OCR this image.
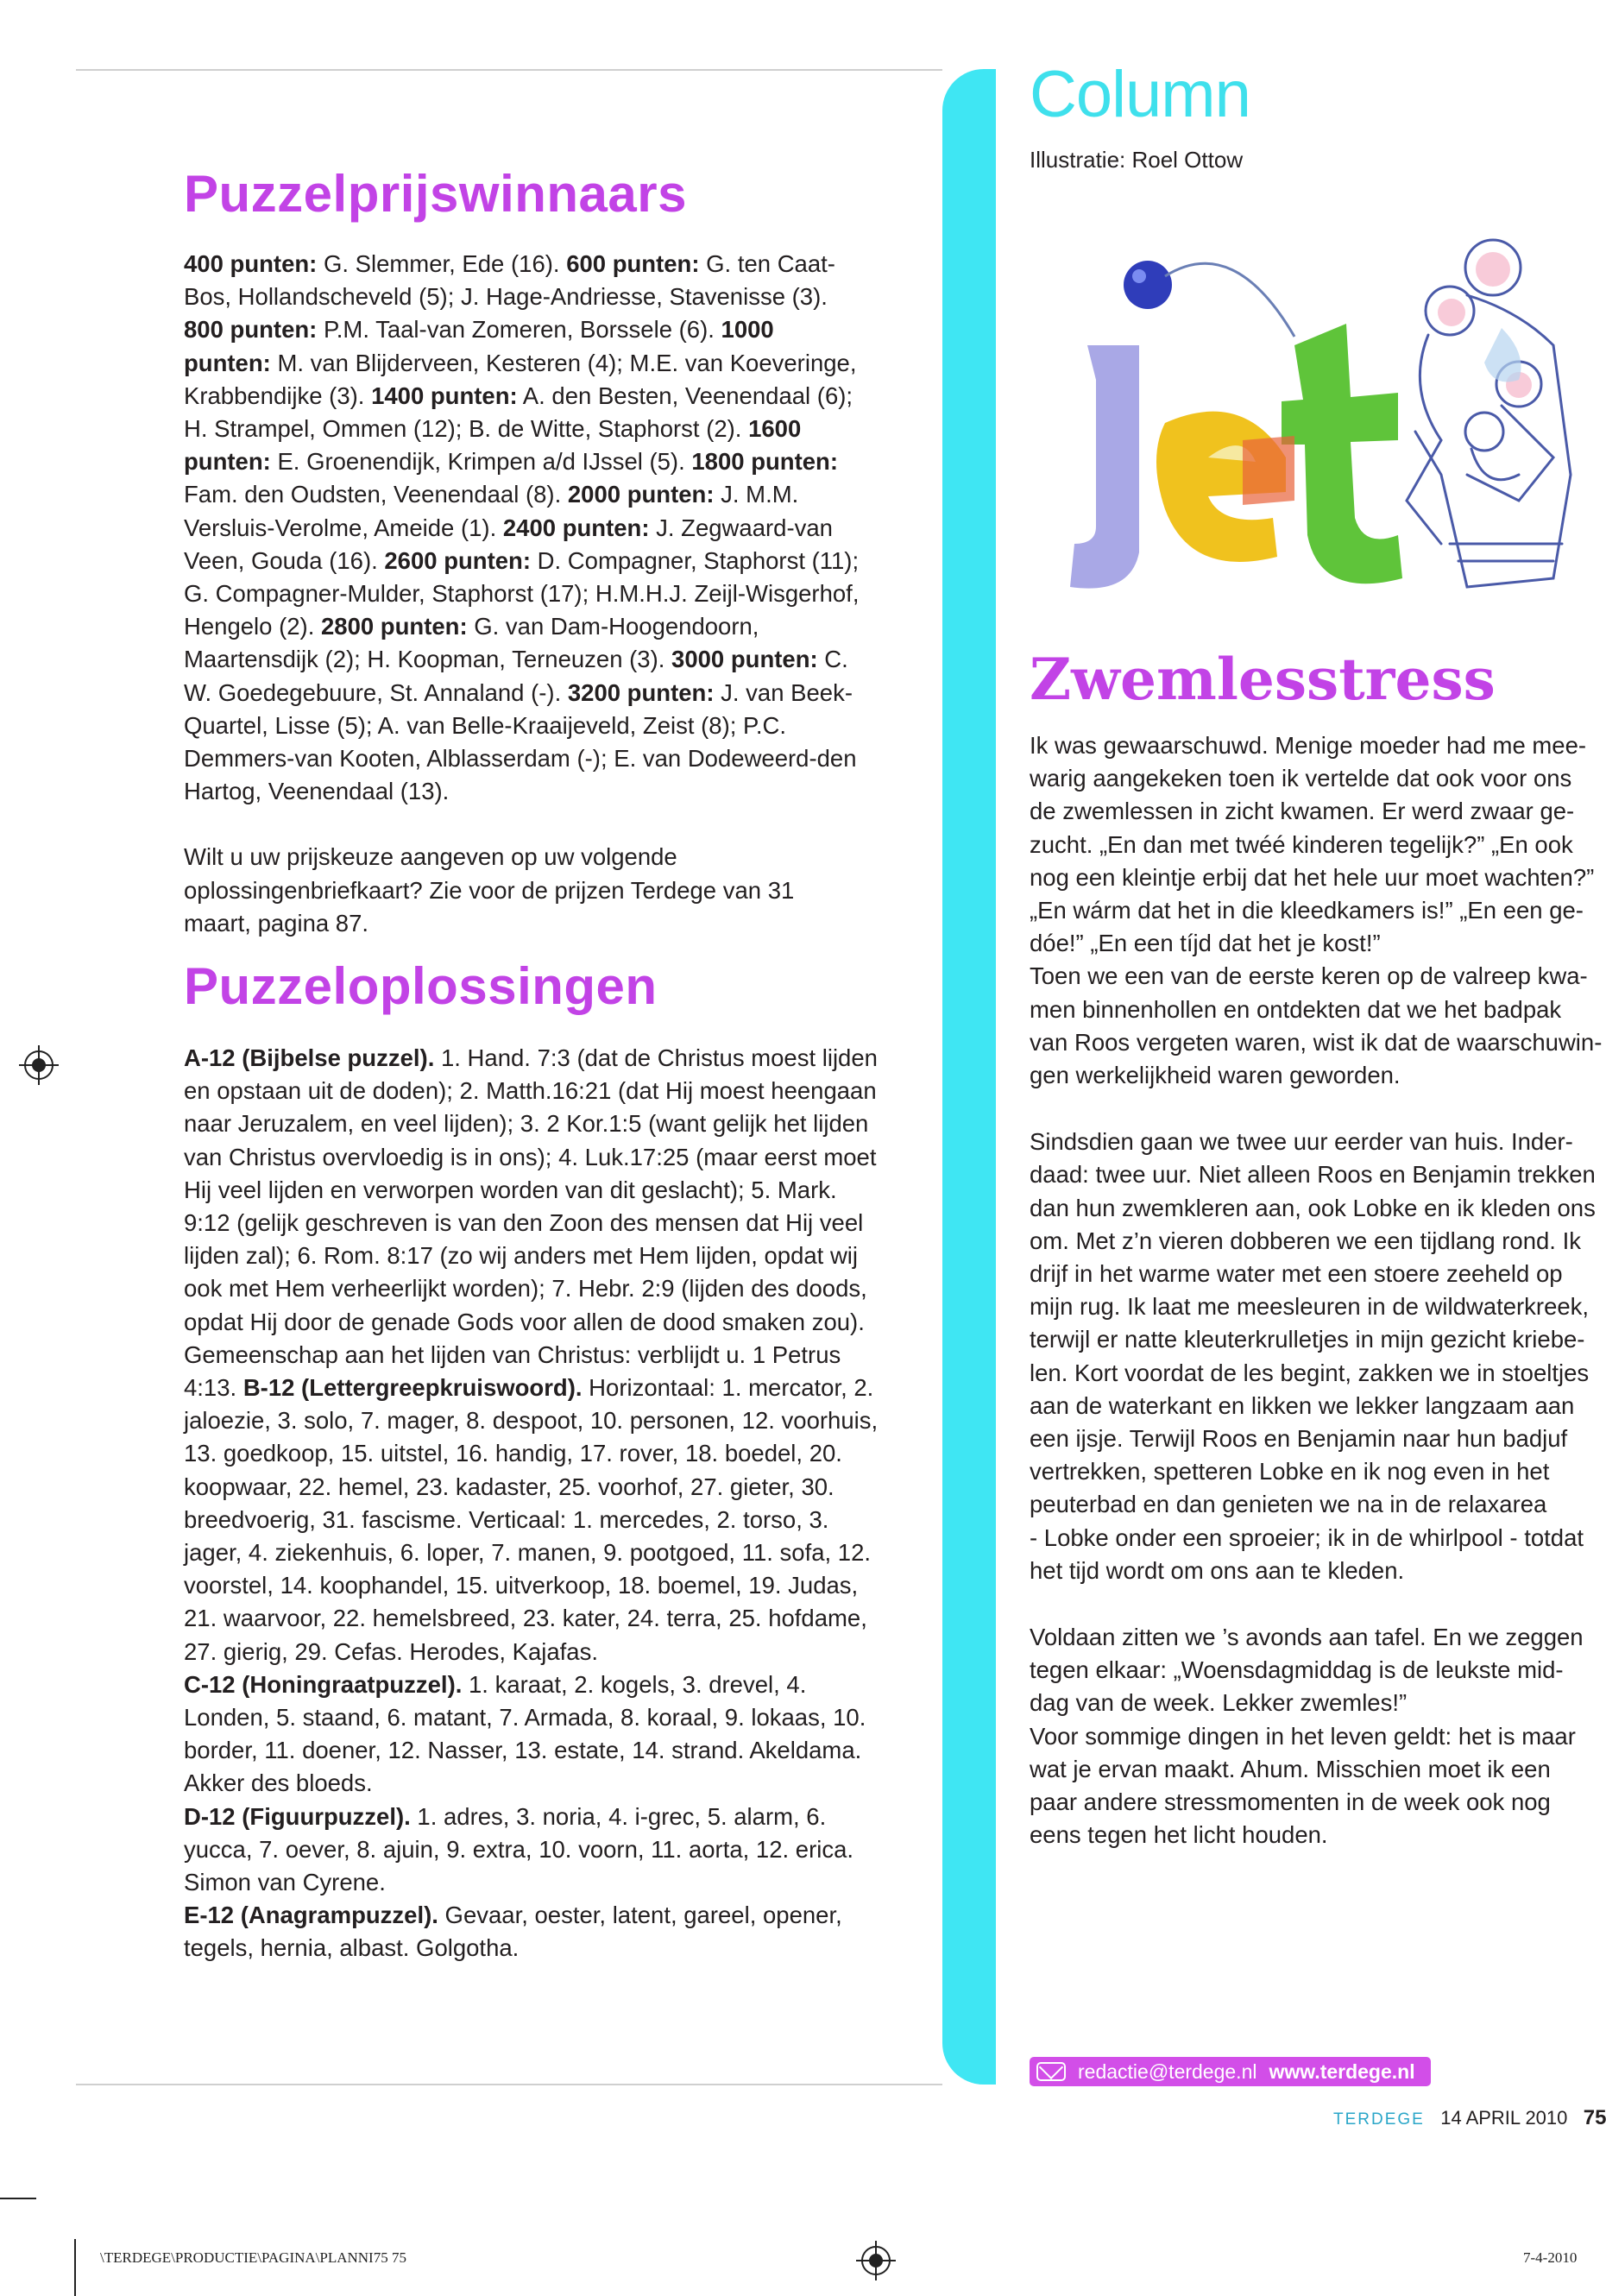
Puzzelprijswinnaars

400 punten: G. Slemmer, Ede (16). 600 punten: G. ten Caat-Bos, Hollandscheveld (5); J. Hage-Andriesse, Stavenisse (3). 800 punten: P.M. Taal-van Zomeren, Borssele (6). 1000 punten: M. van Blijderveen, Kesteren (4); M.E. van Koeveringe, Krabbendijke (3). 1400 punten: A. den Besten, Veenendaal (6); H. Strampel, Ommen (12); B. de Witte, Staphorst (2). 1600 punten: E. Groenendijk, Krimpen a/d IJssel (5). 1800 punten: Fam. den Oudsten, Veenendaal (8). 2000 punten: J. M.M. Versluis-Verolme, Ameide (1). 2400 punten: J. Zegwaard-van Veen, Gouda (16). 2600 punten: D. Compagner, Staphorst (11); G. Compagner-Mulder, Staphorst (17); H.M.H.J. Zeijl-Wisgerhof, Hengelo (2). 2800 punten: G. van Dam-Hoogendoorn, Maartensdijk (2); H. Koopman, Terneuzen (3). 3000 punten: C. W. Goedegebuure, St. Annaland (-). 3200 punten: J. van Beek-Quartel, Lisse (5); A. van Belle-Kraaijeveld, Zeist (8); P.C. Demmers-van Kooten, Alblasserdam (-); E. van Dodeweerd-den Hartog, Veenendaal (13).

Wilt u uw prijskeuze aangeven op uw volgende oplossingenbriefkaart? Zie voor de prijzen Terdege van 31 maart, pagina 87.

Puzzeloplossingen

A-12 (Bijbelse puzzel). 1. Hand. 7:3 (dat de Christus moest lijden en opstaan uit de doden); 2. Matth.16:21 (dat Hij moest heengaan naar Jeruzalem, en veel lijden); 3. 2 Kor.1:5 (want gelijk het lijden van Christus overvloedig is in ons); 4. Luk.17:25 (maar eerst moet Hij veel lijden en verworpen worden van dit geslacht); 5. Mark. 9:12 (gelijk geschreven is van den Zoon des mensen dat Hij veel lijden zal); 6. Rom. 8:17 (zo wij anders met Hem lijden, opdat wij ook met Hem verheerlijkt worden); 7. Hebr. 2:9 (lijden des doods, opdat Hij door de genade Gods voor allen de dood smaken zou). Gemeenschap aan het lijden van Christus: verblijdt u. 1 Petrus 4:13. B-12 (Lettergreepkruiswoord). Horizontaal: 1. mercator, 2. jaloezie, 3. solo, 7. mager, 8. despoot, 10. personen, 12. voorhuis, 13. goedkoop, 15. uitstel, 16. handig, 17. rover, 18. boedel, 20. koopwaar, 22. hemel, 23. kadaster, 25. voorhof, 27. gieter, 30. breedvoerig, 31. fascisme. Verticaal: 1. mercedes, 2. torso, 3. jager, 4. ziekenhuis, 6. loper, 7. manen, 9. pootgoed, 11. sofa, 12. voorstel, 14. koophandel, 15. uitverkoop, 18. boemel, 19. Judas, 21. waarvoor, 22. hemelsbreed, 23. kater, 24. terra, 25. hofdame, 27. gierig, 29. Cefas. Herodes, Kajafas.

C-12 (Honingraatpuzzel). 1. karaat, 2. kogels, 3. drevel, 4. Londen, 5. staand, 6. matant, 7. Armada, 8. koraal, 9. lokaas, 10. border, 11. doener, 12. Nasser, 13. estate, 14. strand. Akeldama. Akker des bloeds.

D-12 (Figuurpuzzel). 1. adres, 3. noria, 4. i-grec, 5. alarm, 6. yucca, 7. oever, 8. ajuin, 9. extra, 10. voorn, 11. aorta, 12. erica. Simon van Cyrene.

E-12 (Anagrampuzzel). Gevaar, oester, latent, gareel, opener, tegels, hernia, albast. Golgotha.

Column
Illustratie: Roel Ottow
Zwemlesstress

Ik was gewaarschuwd. Menige moeder had me mee-
warig aangekeken toen ik vertelde dat ook voor ons
de zwemlessen in zicht kwamen. Er werd zwaar ge-
zucht. „En dan met twéé kinderen tegelijk?” „En ook
nog een kleintje erbij dat het hele uur moet wachten?”
„En wárm dat het in die kleedkamers is!” „En een ge-
dóe!” „En een tíjd dat het je kost!”
Toen we een van de eerste keren op de valreep kwa-
men binnenhollen en ontdekten dat we het badpak
van Roos vergeten waren, wist ik dat de waarschuwin-
gen werkelijkheid waren geworden.

Sindsdien gaan we twee uur eerder van huis. Inder-
daad: twee uur. Niet alleen Roos en Benjamin trekken
dan hun zwemkleren aan, ook Lobke en ik kleden ons
om. Met z’n vieren dobberen we een tijdlang rond. Ik
drijf in het warme water met een stoere zeeheld op
mijn rug. Ik laat me meesleuren in de wildwaterkreek,
terwijl er natte kleuterkrulletjes in mijn gezicht kriebe-
len. Kort voordat de les begint, zakken we in stoeltjes
aan de waterkant en likken we lekker langzaam aan
een ijsje. Terwijl Roos en Benjamin naar hun badjuf
vertrekken, spetteren Lobke en ik nog even in het
peuterbad en dan genieten we na in de relaxarea
- Lobke onder een sproeier; ik in de whirlpool - totdat
het tijd wordt om ons aan te kleden.

Voldaan zitten we ’s avonds aan tafel. En we zeggen
tegen elkaar: „Woensdagmiddag is de leukste mid-
dag van de week. Lekker zwemles!”
Voor sommige dingen in het leven geldt: het is maar
wat je ervan maakt. Ahum. Misschien moet ik een
paar andere stressmomenten in de week ook nog
eens tegen het licht houden.

redactie@terdege.nl www.terdege.nl
TERDEGE 14 APRIL 2010 75
\TERDEGE\PRODUCTIE\PAGINA\PLANNI75 75	7-4-2010
